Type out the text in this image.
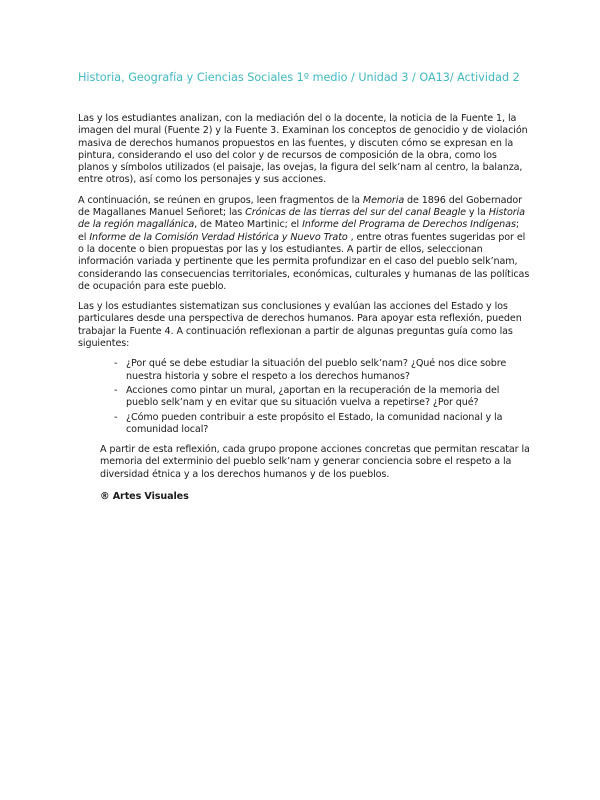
Historia, Geografía y Ciencias Sociales 1º medio / Unidad 3 / OA13/ Actividad 2

Las y los estudiantes analizan, con la mediación del o la docente, la noticia de la Fuente 1, la imagen del mural (Fuente 2) y la Fuente 3. Examinan los conceptos de genocidio y de violación masiva de derechos humanos propuestos en las fuentes, y discuten cómo se expresan en la pintura, considerando el uso del color y de recursos de composición de la obra, como los planos y símbolos utilizados (el paisaje, las ovejas, la figura del selk’nam al centro, la balanza, entre otros), así como los personajes y sus acciones.

A continuación, se reúnen en grupos, leen fragmentos de la Memoria de 1896 del Gobernador de Magallanes Manuel Señoret; las Crónicas de las tierras del sur del canal Beagle y la Historia de la región magallánica, de Mateo Martinic; el Informe del Programa de Derechos Indígenas; el Informe de la Comisión Verdad Histórica y Nuevo Trato , entre otras fuentes sugeridas por el o la docente o bien propuestas por las y los estudiantes. A partir de ellos, seleccionan información variada y pertinente que les permita profundizar en el caso del pueblo selk’nam, considerando las consecuencias territoriales, económicas, culturales y humanas de las políticas de ocupación para este pueblo.

Las y los estudiantes sistematizan sus conclusiones y evalúan las acciones del Estado y los particulares desde una perspectiva de derechos humanos. Para apoyar esta reflexión, pueden trabajar la Fuente 4. A continuación reflexionan a partir de algunas preguntas guía como las siguientes:

- ¿Por qué se debe estudiar la situación del pueblo selk’nam? ¿Qué nos dice sobre nuestra historia y sobre el respeto a los derechos humanos?
- Acciones como pintar un mural, ¿aportan en la recuperación de la memoria del pueblo selk’nam y en evitar que su situación vuelva a repetirse? ¿Por qué?
- ¿Cómo pueden contribuir a este propósito el Estado, la comunidad nacional y la comunidad local?

A partir de esta reflexión, cada grupo propone acciones concretas que permitan rescatar la memoria del exterminio del pueblo selk’nam y generar conciencia sobre el respeto a la diversidad étnica y a los derechos humanos y de los pueblos.

® Artes Visuales
